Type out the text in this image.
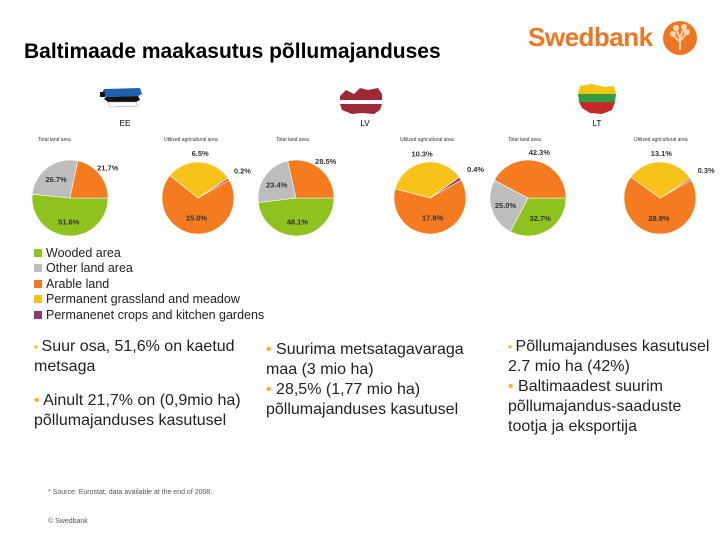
Baltimaade maakasutus põllumajanduses	Swedbank
EE	LV	LT
Total land area	Utilized agricultural area	Total land area	Utilized agricultural area	Total land area	Utilized agricultural area
51.6%
26.7%
21.7%
15.0%
6.5%
0.2%
48.1%
23.4%
28.5%
17.8%
10.3%
0.4%
32.7%
25.0%
42.3%
28.9%
13.1%
0.3%
Wooded area
Other land area
Arable land
Permanent grassland and meadow
Permanenet crops and kitchen gardens
• Suur osa, 51,6% on kaetud metsaga
• Ainult 21,7% on (0,9mio ha) põllumajanduses kasutusel
• Suurima metsatagavaraga maa (3 mio ha)
• 28,5% (1,77 mio ha) põllumajanduses kasutusel
• Põllumajanduses kasutusel 2.7 mio ha (42%)
• Baltimaadest suurim põllumajandus-saaduste tootja ja eksportija
* Source: Eurostat, data available at the end of 2008.
© Swedbank
